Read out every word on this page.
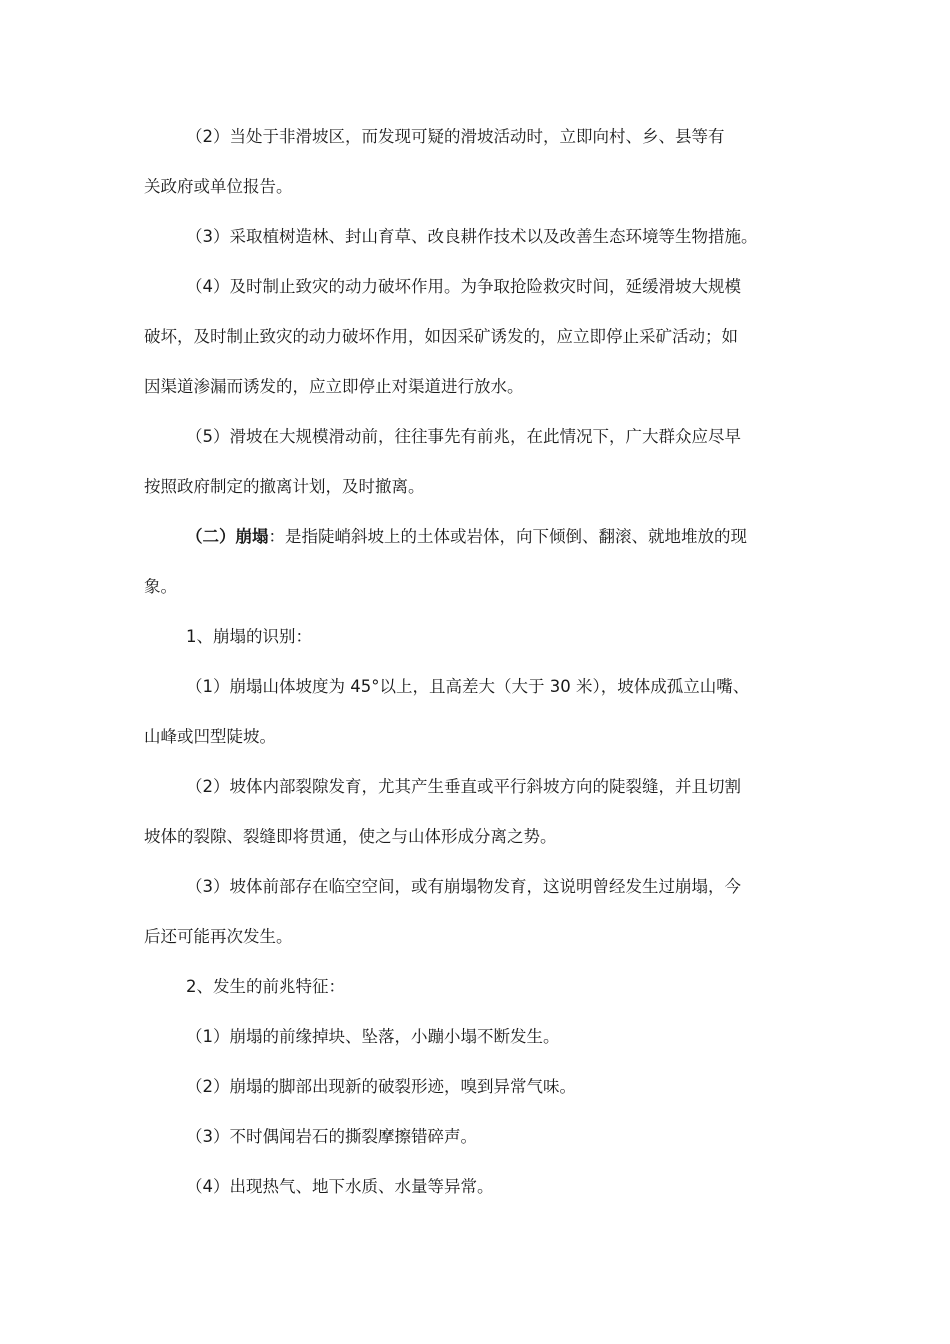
（2）当处于非滑坡区，而发现可疑的滑坡活动时，立即向村、乡、县等有
关政府或单位报告。
（3）采取植树造林、封山育草、改良耕作技术以及改善生态环境等生物措施。
（4）及时制止致灾的动力破坏作用。为争取抢险救灾时间，延缓滑坡大规模
破坏，及时制止致灾的动力破坏作用，如因采矿诱发的，应立即停止采矿活动；如
因渠道渗漏而诱发的，应立即停止对渠道进行放水。
（5）滑坡在大规模滑动前，往往事先有前兆，在此情况下，广大群众应尽早
按照政府制定的撤离计划，及时撤离。
（二）崩塌：是指陡峭斜坡上的土体或岩体，向下倾倒、翻滚、就地堆放的现
象。
1、崩塌的识别：
（1）崩塌山体坡度为 45°以上，且高差大（大于 30 米），坡体成孤立山嘴、
山峰或凹型陡坡。
（2）坡体内部裂隙发育，尤其产生垂直或平行斜坡方向的陡裂缝，并且切割
坡体的裂隙、裂缝即将贯通，使之与山体形成分离之势。
（3）坡体前部存在临空空间，或有崩塌物发育，这说明曾经发生过崩塌，今
后还可能再次发生。
2、发生的前兆特征：
（1）崩塌的前缘掉块、坠落，小蹦小塌不断发生。
（2）崩塌的脚部出现新的破裂形迹，嗅到异常气味。
（3）不时偶闻岩石的撕裂摩擦错碎声。
（4）出现热气、地下水质、水量等异常。
